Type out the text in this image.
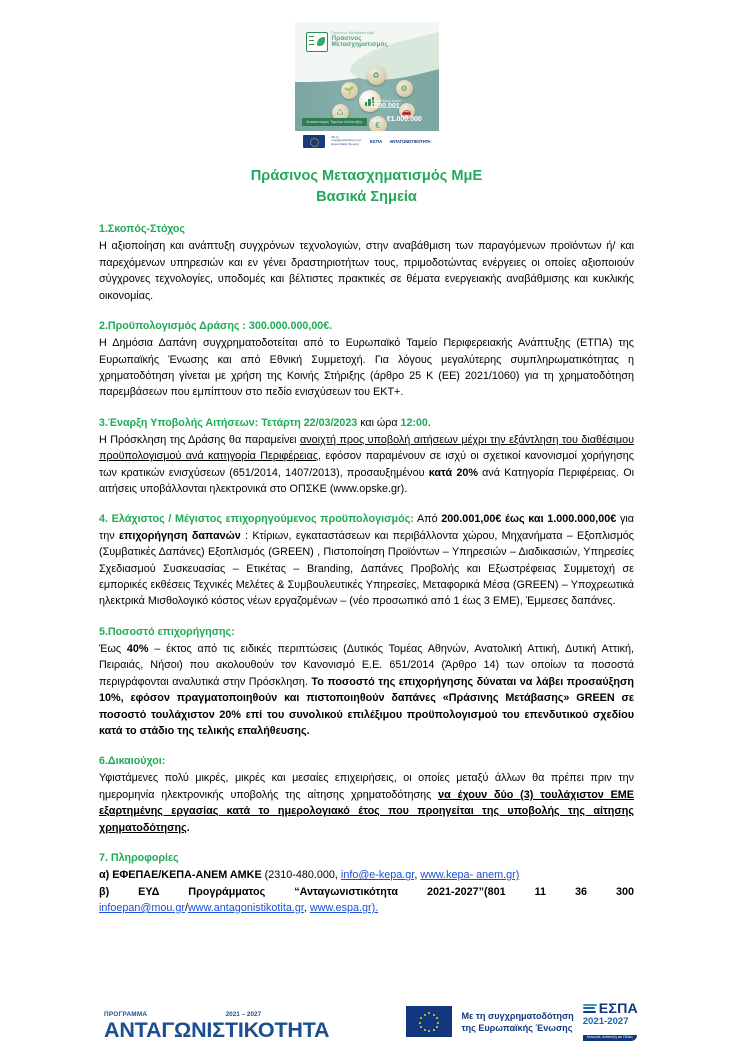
Πράσινος Μετάβαση ΜμΕ
Πράσινος
Μετασχηματισμός
♻
🌱	⚙
♺	🚗
€
Ανακαινισμός Ταμείου Ανάπτυξης
Για επιλέξιμο ποσό
€200.001
έως και €1.000.000
Με τη συγχρηματοδότηση της Ευρωπαϊκής Ένωσης
ΕΣΠΑ ΑΝΤΑΓΩΝΙΣΤΙΚΟΤΗΤΑ
Πράσινος Μετασχηματισμός ΜμΕ
Βασικά Σημεία
1.Σκοπός-Στόχος

Η αξιοποίηση και ανάπτυξη συγχρόνων τεχνολογιών, στην αναβάθμιση των παραγόμενων προϊόντων ή/ και παρεχόμενων υπηρεσιών και εν γένει δραστηριοτήτων τους, πριμοδοτώντας ενέργειες οι οποίες αξιοποιούν σύγχρονες τεχνολογίες, υποδομές και βέλτιστες πρακτικές σε θέματα ενεργειακής αναβάθμισης και κυκλικής οικονομίας.

2.Προϋπολογισμός Δράσης : 300.000.000,00€.

Η Δημόσια Δαπάνη συγχρηματοδοτείται από το Ευρωπαϊκό Ταμείο Περιφερειακής Ανάπτυξης (ΕΤΠΑ) της Ευρωπαϊκής Ένωσης και από Εθνική Συμμετοχή. Για λόγους μεγαλύτερης συμπληρωματικότητας η χρηματοδότηση γίνεται με χρήση της Κοινής Στήριξης (άρθρο 25 Κ (ΕΕ) 2021/1060) για τη χρηματοδότηση παρεμβάσεων που εμπίπτουν στο πεδίο ενισχύσεων του ΕΚΤ+.

3.Έναρξη Υποβολής Αιτήσεων: Τετάρτη 22/03/2023 και ώρα 12:00.

Η Πρόσκληση της Δράσης θα παραμείνει ανοιχτή προς υποβολή αιτήσεων μέχρι την εξάντληση του διαθέσιμου προϋπολογισμού ανά κατηγορία Περιφέρειας, εφόσον παραμένουν σε ισχύ οι σχετικοί κανονισμοί χορήγησης των κρατικών ενισχύσεων (651/2014, 1407/2013), προσαυξημένου κατά 20% ανά Κατηγορία Περιφέρειας. Οι αιτήσεις υποβάλλονται ηλεκτρονικά στο ΟΠΣΚΕ (www.opske.gr).

4. Ελάχιστος / Μέγιστος επιχορηγούμενος προϋπολογισμός: Από 200.001,00€ έως και 1.000.000,00€ για την επιχορήγηση δαπανών : Κτίριων, εγκαταστάσεων και περιβάλλοντα χώρου, Μηχανήματα – Εξοπλισμός (Συμβατικές Δαπάνες) Εξοπλισμός (GREEN) , Πιστοποίηση Προϊόντων – Υπηρεσιών – Διαδικασιών, Υπηρεσίες Σχεδιασμού Συσκευασίας – Ετικέτας – Branding, Δαπάνες Προβολής και Εξωστρέφειας Συμμετοχή σε εμπορικές εκθέσεις Τεχνικές Μελέτες & Συμβουλευτικές Υπηρεσίες, Μεταφορικά Μέσα (GREEN) – Υποχρεωτικά ηλεκτρικά Μισθολογικό κόστος νέων εργαζομένων – (νέο προσωπικό από 1 έως 3 ΕΜΕ), Έμμεσες δαπάνες.

5.Ποσοστό επιχορήγησης:

Έως 40% – έκτος από τις ειδικές περιπτώσεις (Δυτικός Τομέας Αθηνών, Ανατολική Αττική, Δυτική Αττική, Πειραιάς, Νήσοι) που ακολουθούν τον Κανονισμό Ε.Ε. 651/2014 (Άρθρο 14) των οποίων τα ποσοστά περιγράφονται αναλυτικά στην Πρόσκληση. Το ποσοστό της επιχορήγησης δύναται να λάβει προσαύξηση 10%, εφόσον πραγματοποιηθούν και πιστοποιηθούν δαπάνες «Πράσινης Μετάβασης» GREEN σε ποσοστό τουλάχιστον 20% επί του συνολικού επιλέξιμου προϋπολογισμού του επενδυτικού σχεδίου κατά το στάδιο της τελικής επαλήθευσης.

6.Δικαιούχοι:

Υφιστάμενες πολύ μικρές, μικρές και μεσαίες επιχειρήσεις, οι οποίες μεταξύ άλλων θα πρέπει πριν την ημερομηνία ηλεκτρονικής υποβολής της αίτησης χρηματοδότησης να έχουν δύο (3) τουλάχιστον ΕΜΕ εξαρτημένης εργασίας κατά το ημερολογιακό έτος που προηγείται της υποβολής της αίτησης χρηματοδότησης.

7. Πληροφορίες

α) ΕΦΕΠΑΕ/ΚΕΠΑ-ΑΝΕΜ ΑΜΚΕ (2310-480.000, info@e-kepa.gr, www.kepa- anem.gr)

β) ΕΥΔ Προγράμματος “Ανταγωνιστικότητα 2021-2027”(801 11 36 300 infoepan@mou.gr/www.antagonistikotita.gr, www.espa.gr).

ΠΡΟΓΡΑΜΜΑ	2021 – 2027
ΑΝΤΑΓΩΝΙΣΤΙΚΟΤΗΤΑ
Με τη συγχρηματοδότηση
της Ευρωπαϊκής Ένωσης
ΕΣΠΑ
2021-2027
Κοινωνία, Ανάπτυξη και Πόλεις
